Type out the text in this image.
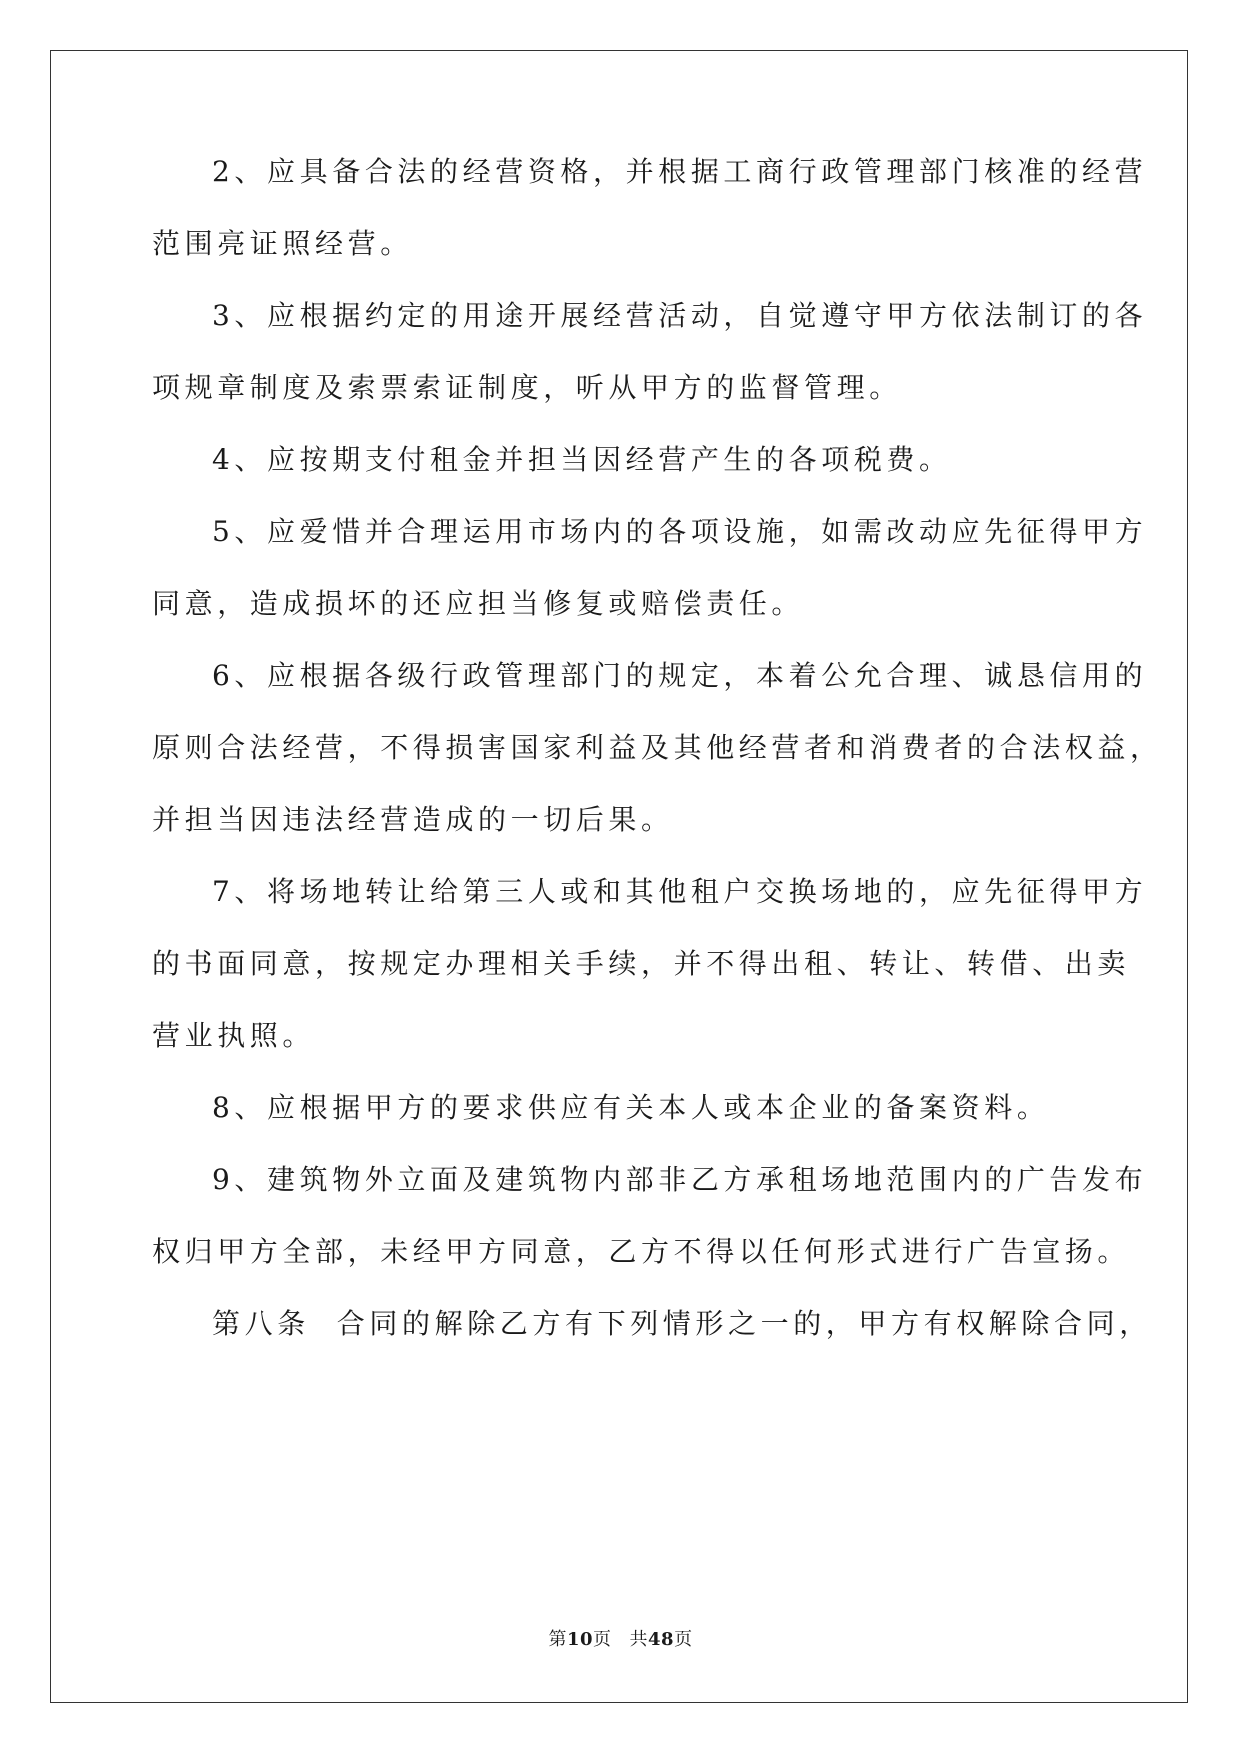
2、应具备合法的经营资格，并根据工商行政管理部门核准的经营
范围亮证照经营。
3、应根据约定的用途开展经营活动，自觉遵守甲方依法制订的各
项规章制度及索票索证制度，听从甲方的监督管理。
4、应按期支付租金并担当因经营产生的各项税费。
5、应爱惜并合理运用市场内的各项设施，如需改动应先征得甲方
同意，造成损坏的还应担当修复或赔偿责任。
6、应根据各级行政管理部门的规定，本着公允合理、诚恳信用的
原则合法经营，不得损害国家利益及其他经营者和消费者的合法权益，
并担当因违法经营造成的一切后果。
7、将场地转让给第三人或和其他租户交换场地的，应先征得甲方
的书面同意，按规定办理相关手续，并不得出租、转让、转借、出卖
营业执照。
8、应根据甲方的要求供应有关本人或本企业的备案资料。
9、建筑物外立面及建筑物内部非乙方承租场地范围内的广告发布
权归甲方全部，未经甲方同意，乙方不得以任何形式进行广告宣扬。
第八条  合同的解除乙方有下列情形之一的，甲方有权解除合同，
第10页 共48页
